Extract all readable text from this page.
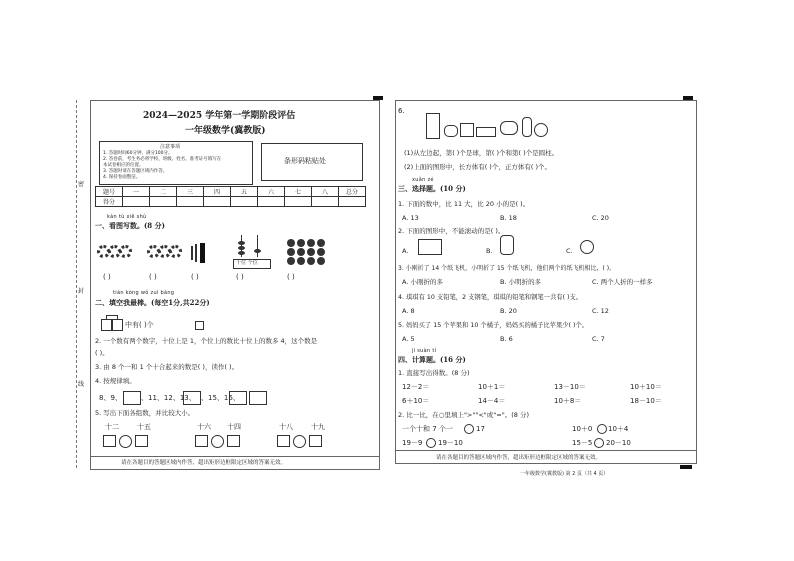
密
封
线
2024—2025 学年第一学期阶段评估
一年级数学(冀教版)
注意事项
1. 答题时间60分钟，满分100分。
2. 答卷前，考生务必将学校、班级、姓名、准考证号填写在
本试卷相应的位置。
3. 答题时请在答题区域内作答。
4. 保持卷面整洁。
条形码粘贴处
题号	一	二	三	四	五	六	七	八	总分
得分									
kàn tú xiě shù
一、看图写数。(8 分)
十位 个位
( )	( )	( )	( )	( )
tián kòng wǒ zuì bàng
二、填空我最棒。(每空1分,共22分)
中有( )个
2. 一个数有两个数字，十位上是 1，个位上的数比十位上的数多 4，这个数是
( )。
3. 由 8 个一和 1 个十合起来的数是( )，读作( )。
4. 按规律填。
8、9、	、11、12、13、 、15、16、
5. 写出下面各组数，并比较大小。
十二	十五	十六 十四	十八	十九
请在各题目的答题区域内作答，超出矩形边框限定区域的答案无效。
6.
(1)从左边起，第( )个是球，第( )个和第( )个是圆柱。
(2)上面的图形中，长方体有( )个，正方体有( )个。
xuǎn zé
三、选择题。(10 分)
1. 下面的数中，比 11 大，比 20 小的是( )。
A. 13	B. 18	C. 20
2. 下面的图形中，不能滚动的是( )。
A.	B.	C.
3. 小刚折了 14 个纸飞机，小明折了 15 个纸飞机，他们两个的纸飞机相比，( )。
A. 小刚折的多	B. 小明折的多	C. 两个人折的一样多
4. 琪琪有 10 支铅笔，2 支钢笔，琪琪的铅笔和钢笔一共有( )支。
A. 8	B. 20	C. 12
5. 妈妈买了 15 个苹果和 10 个橘子，妈妈买的橘子比苹果少( )个。
A. 5	B. 6	C. 7
jì suàn tí
四、计算题。(16 分)
1. 直接写出得数。(8 分)
12－2＝	10＋1＝	13－10＝	10＋10＝
6＋10＝	14－4＝	10＋8＝	18－10＝
2. 比一比，在○里填上">""<"或"="。(8 分)
一个十和 7 个一	17	10＋0 10＋4
19－9 19－10	15－5 20－10
请在各题目的答题区域内作答，超出矩形边框限定区域的答案无效。
一年级数学(冀教版) 第 2 页（共 4 页）
